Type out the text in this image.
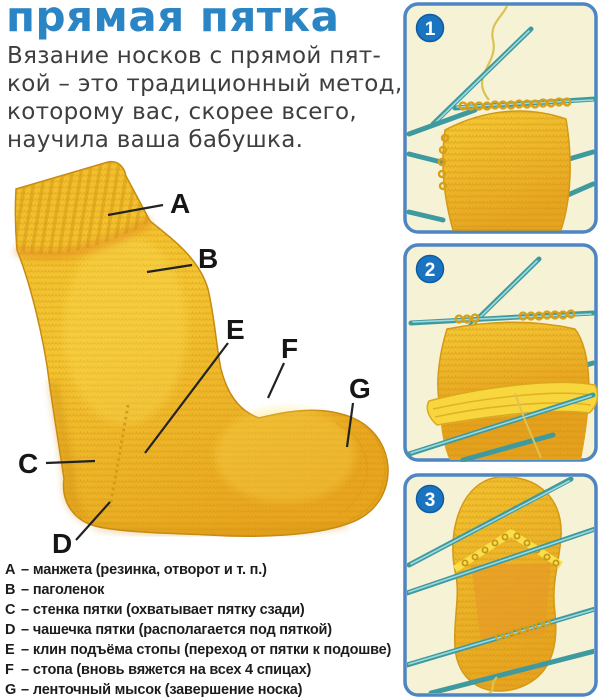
прямая пятка
Вязание носков с прямой пят-
кой – это традиционный метод,
которому вас, скорее всего,
научила ваша бабушка.
A
B
C
D
E
F
G
A – манжета (резинка, отворот и т. п.)
B – паголенок
C – стенка пятки (охватывает пятку сзади)
D – чашечка пятки (располагается под пяткой)
E – клин подъёма стопы (переход от пятки к подошве)
F – стопа (вновь вяжется на всех 4 спицах)
G – ленточный мысок (завершение носка)
1
2
3
